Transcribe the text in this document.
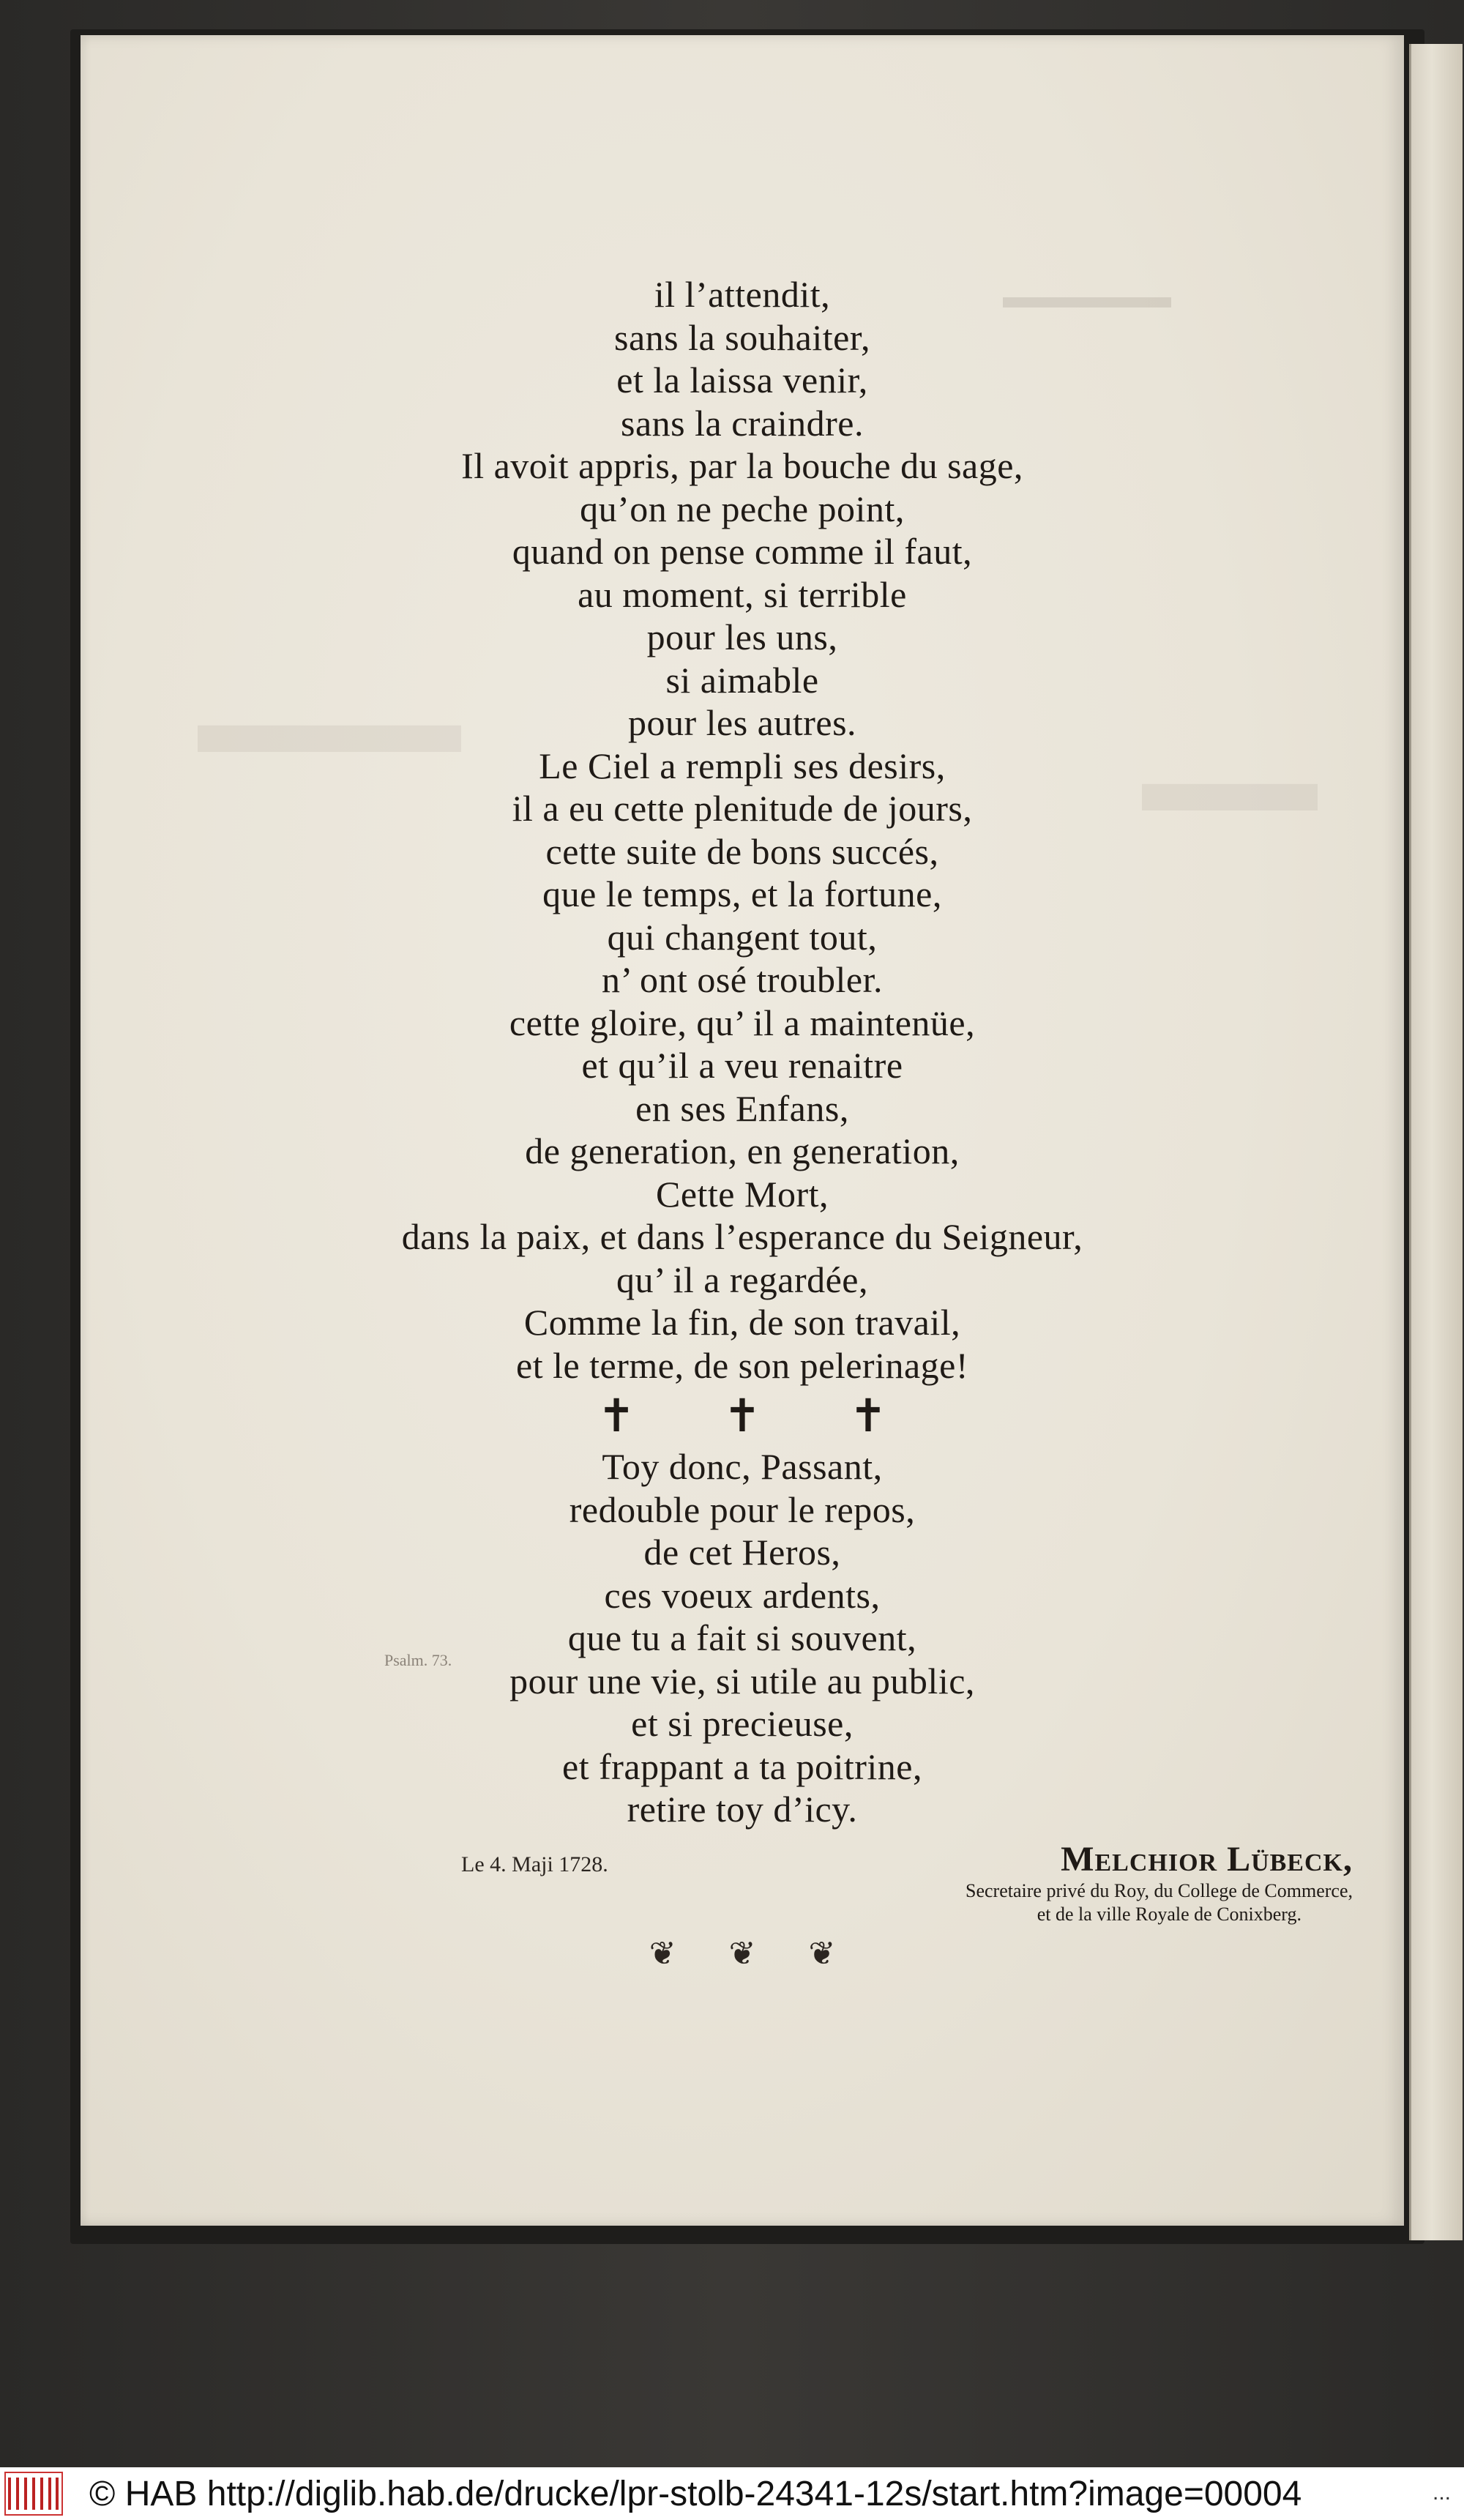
▬▬▬▬▬
▬▬▬
▬▬
il l’attendit,
sans la souhaiter,
et la laissa venir,
sans la craindre.
Il avoit appris, par la bouche du sage,
qu’on ne peche point,
quand on pense comme il faut,
au moment, si terrible
pour les uns,
si aimable
pour les autres.
Le Ciel a rempli ses desirs,
il a eu cette plenitude de jours,
cette suite de bons succés,
que le temps, et la fortune,
qui changent tout,
n’ ont osé troubler.
cette gloire, qu’ il a maintenüe,
et qu’il a veu renaitre
en ses Enfans,
de generation, en generation,
Cette Mort,
dans la paix, et dans l’esperance du Seigneur,
qu’ il a regardée,
Comme la fin, de son travail,
et le terme, de son pelerinage!
✝ ✝ ✝
Toy donc, Passant,
redouble pour le repos,
de cet Heros,
ces voeux ardents,
que tu a fait si souvent,
pour une vie, si utile au public,
et si precieuse,
et frappant a ta poitrine,
retire toy d’icy.
Psalm. 73.
Le 4. Maji 1728.	Melchior Lübeck,
Secretaire privé du Roy, du College de Commerce,
et de la ville Royale de Conixberg.
❦ ❦ ❦
© HAB http://diglib.hab.de/drucke/lpr-stolb-24341-12s/start.htm?image=00004	...
